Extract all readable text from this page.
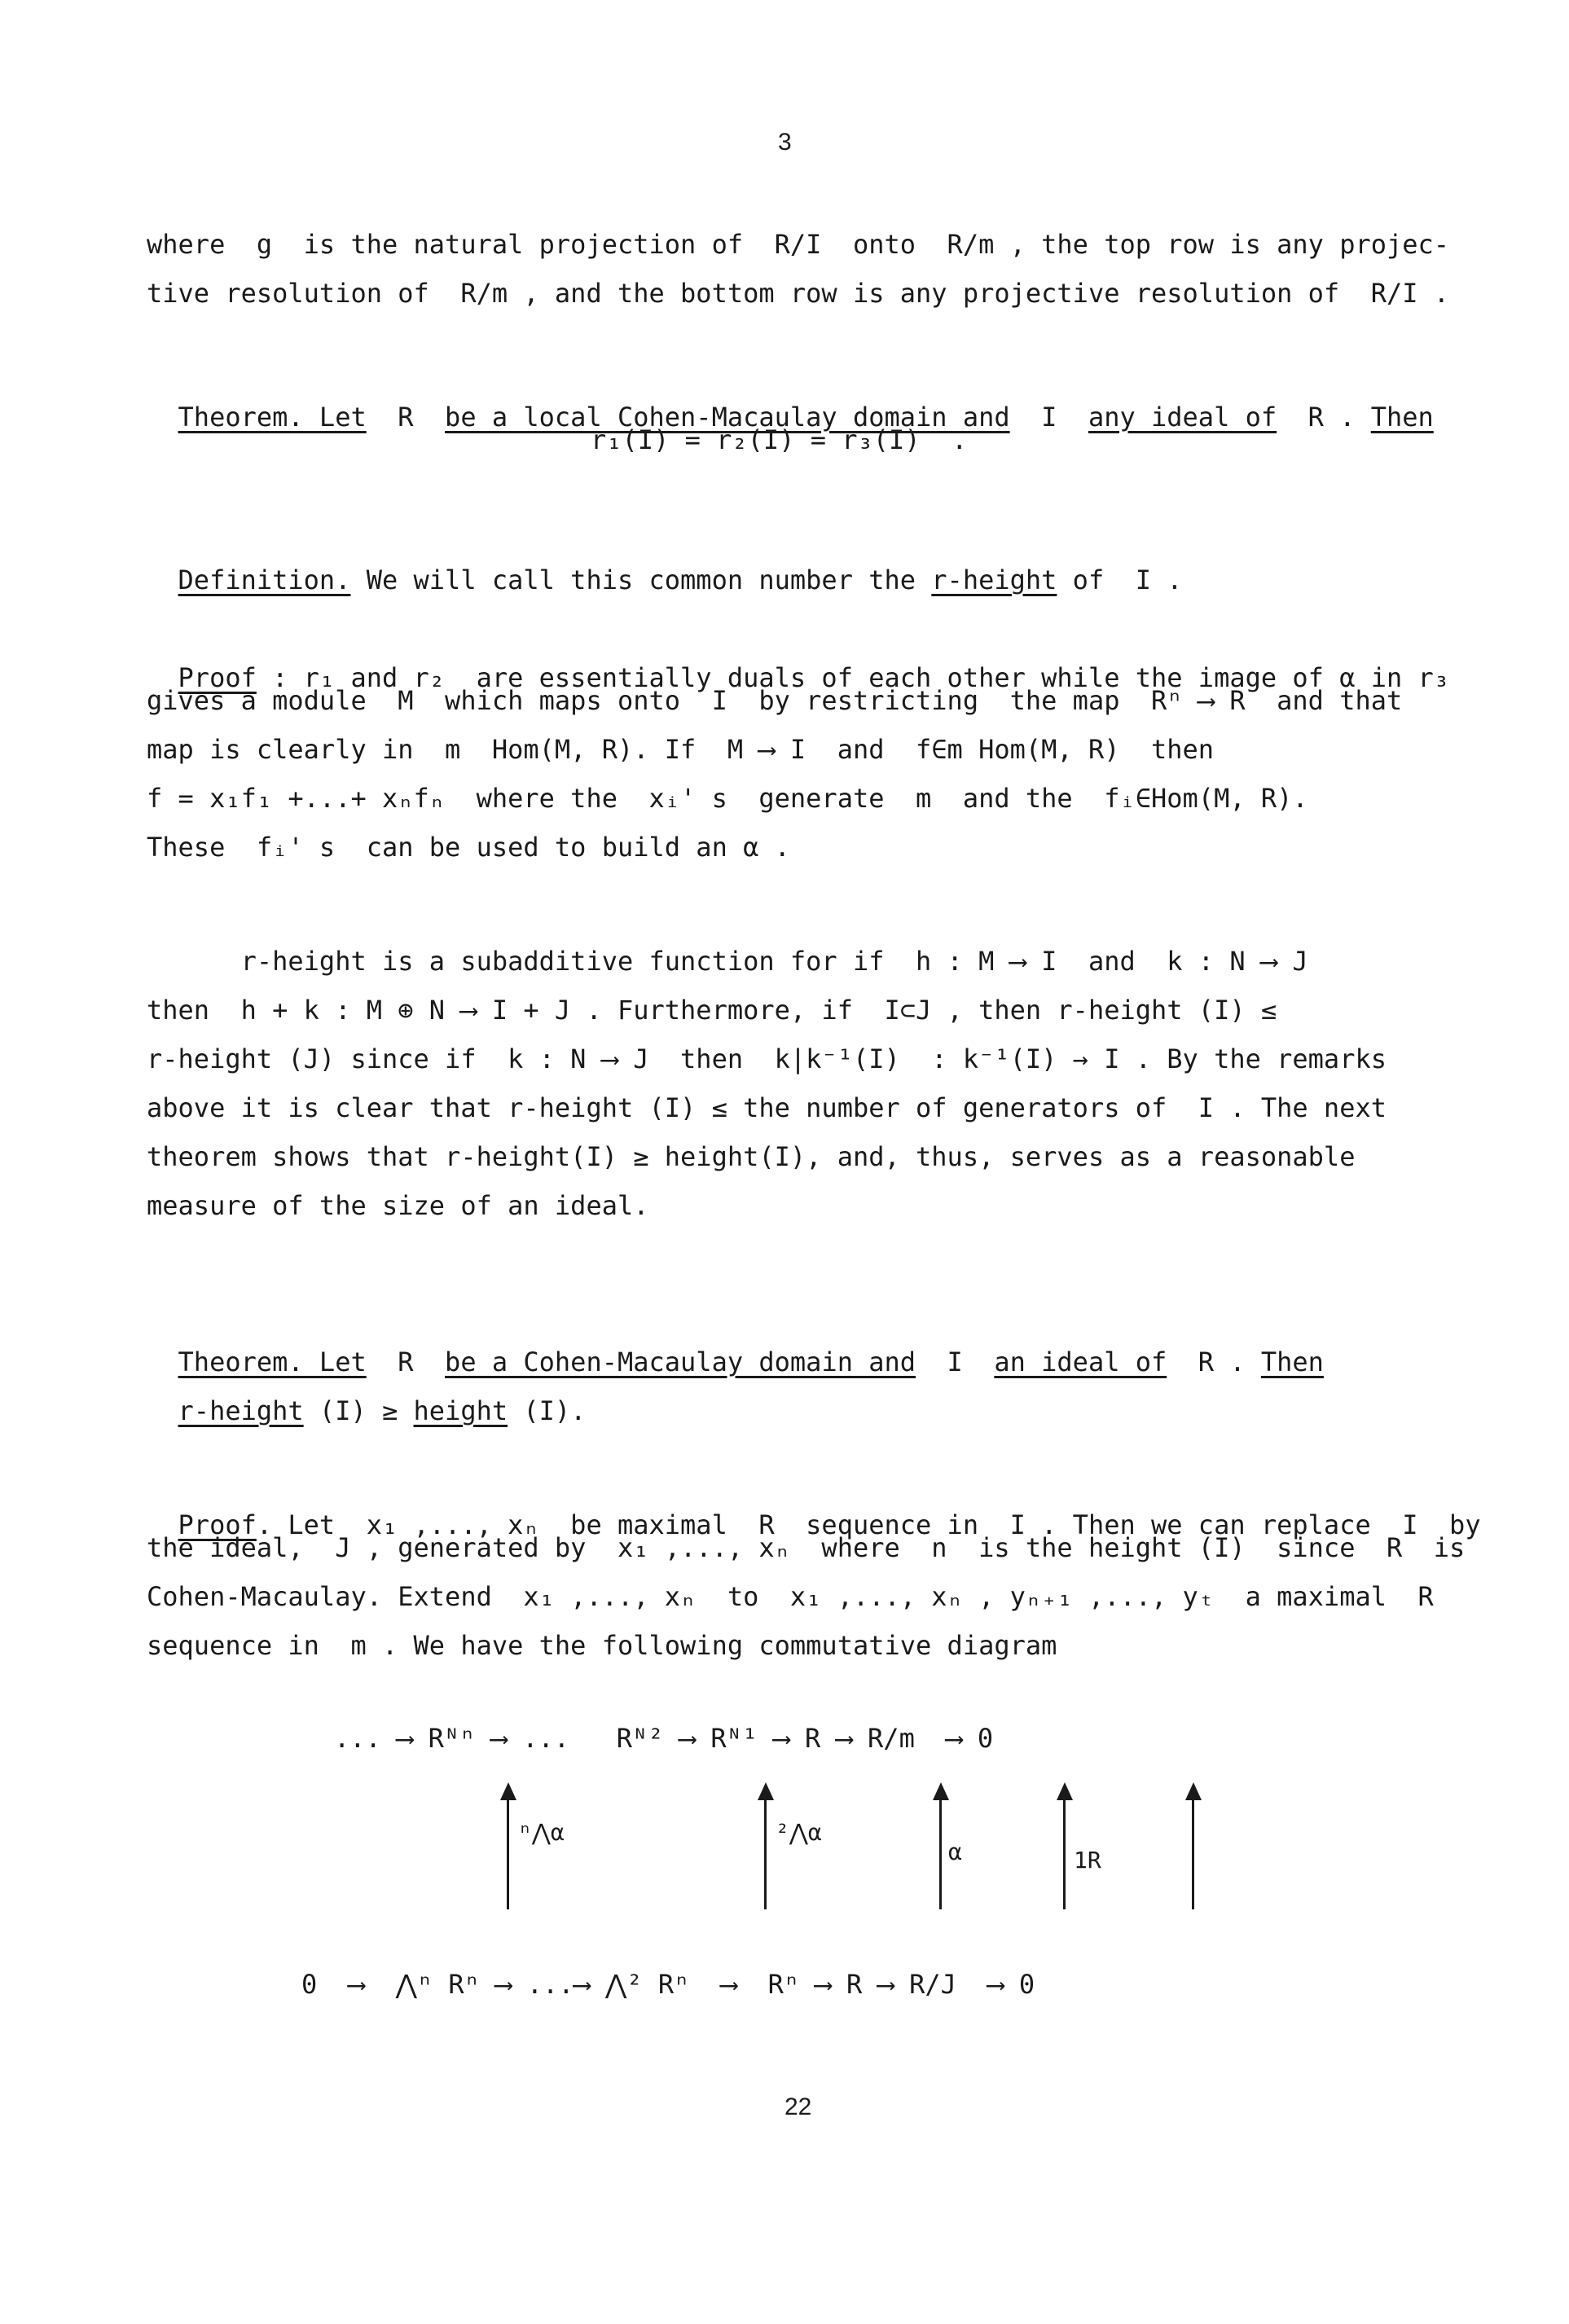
3
where  g  is the natural projection of  R/I  onto  R/m , the top row is any projec-
tive resolution of  R/m , and the bottom row is any projective resolution of  R/I .

Theorem. Let R be a local Cohen-Macaulay domain and I any ideal of R . Then

r₁(I) = r₂(I) = r₃(I)  .

Definition. We will call this common number the r-height of  I .

Proof : r₁ and r₂  are essentially duals of each other while the image of α in r₃

gives a module  M  which maps onto  I  by restricting  the map  Rⁿ ⟶ R  and that
map is clearly in  m  Hom(M, R). If  M ⟶ I  and  f∈m Hom(M, R)  then
f = x₁f₁ +...+ xₙfₙ  where the  xᵢ' s  generate  m  and the  fᵢ∈Hom(M, R).
These  fᵢ' s  can be used to build an α .
r-height is a subadditive function for if  h : M ⟶ I  and  k : N ⟶ J
then  h + k : M ⊕ N ⟶ I + J . Furthermore, if  I⊂J , then r-height (I) ≤
r-height (J) since if  k : N ⟶ J  then  k|k⁻¹(I)  : k⁻¹(I) → I . By the remarks
above it is clear that r-height (I) ≤ the number of generators of  I . The next
theorem shows that r-height(I) ≥ height(I), and, thus, serves as a reasonable
measure of the size of an ideal.

Theorem. Let R be a Cohen-Macaulay domain and I an ideal of R . Then

r-height (I) ≥ height (I).

Proof. Let  x₁ ,..., xₙ  be maximal  R  sequence in  I . Then we can replace  I  by

the ideal,  J , generated by  x₁ ,..., xₙ  where  n  is the height (I)  since  R  is
Cohen-Macaulay. Extend  x₁ ,..., xₙ  to  x₁ ,..., xₙ , yₙ₊₁ ,..., yₜ  a maximal  R
sequence in  m . We have the following commutative diagram
... ⟶ Rᴺⁿ ⟶ ...   Rᴺ² ⟶ Rᴺ¹ ⟶ R ⟶ R/m  ⟶ 0
ⁿ⋀α	²⋀α
α	1R
0  ⟶  ⋀ⁿ Rⁿ ⟶ ...⟶ ⋀² Rⁿ  ⟶  Rⁿ ⟶ R ⟶ R/J  ⟶ 0
22
